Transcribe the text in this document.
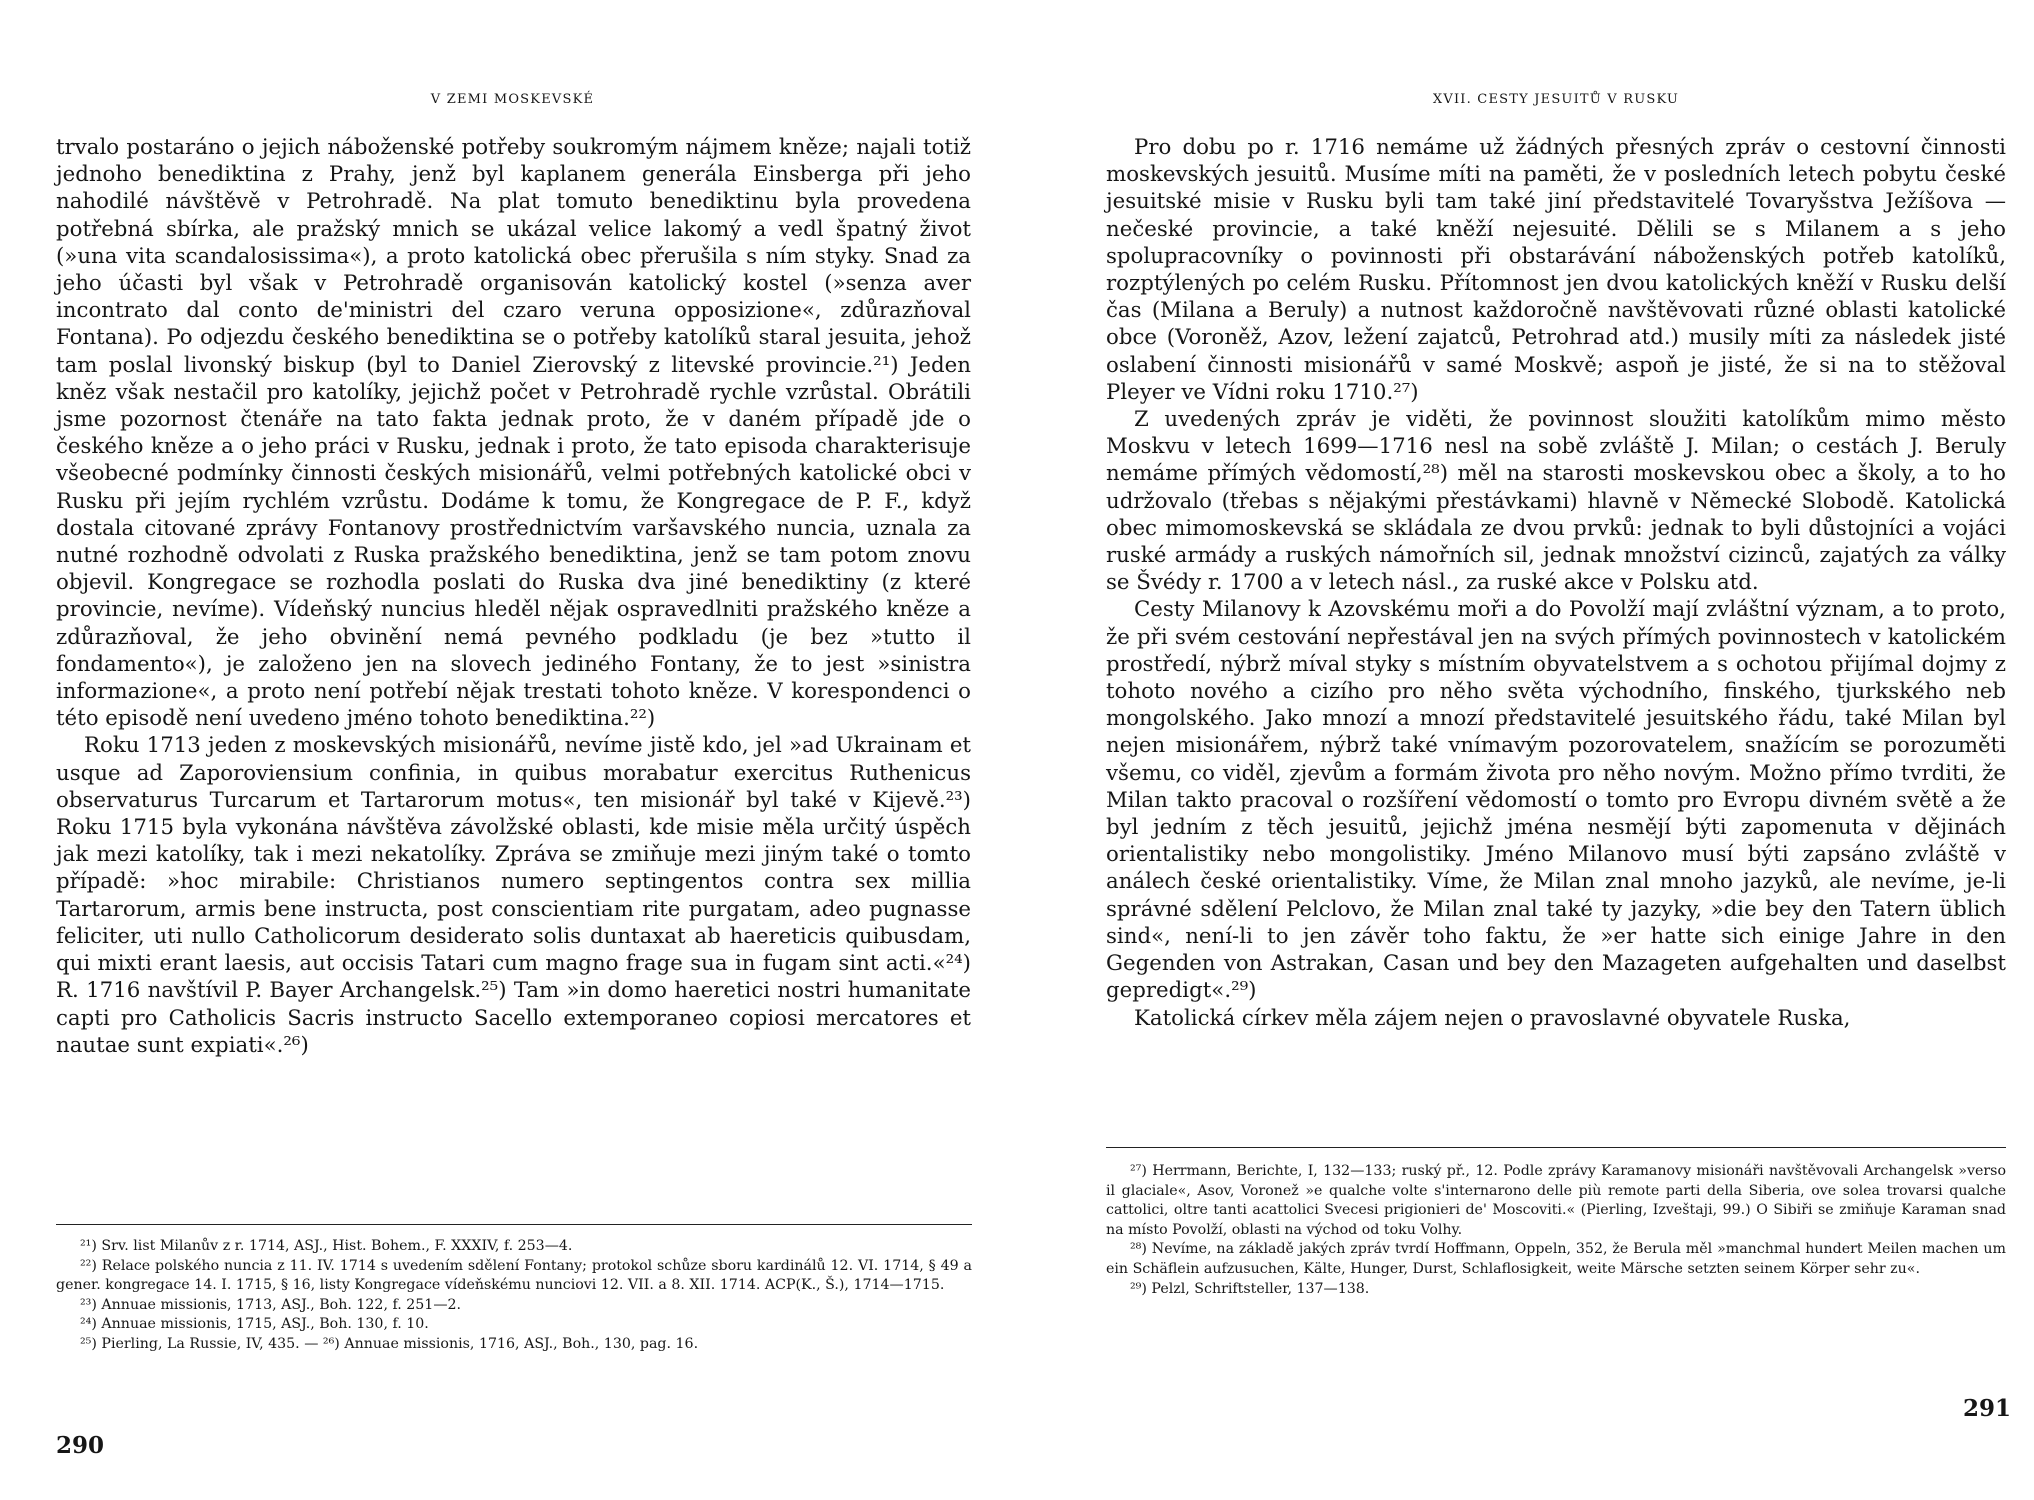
V ZEMI MOSKEVSKÉ

trvalo postaráno o jejich náboženské potřeby soukromým nájmem kněze; najali totiž jednoho benediktina z Prahy, jenž byl kaplanem generála Einsberga při jeho nahodilé návštěvě v Petrohradě. Na plat tomuto benediktinu byla provedena potřebná sbírka, ale pražský mnich se ukázal velice lakomý a vedl špatný život (»una vita scandalosissima«), a proto katolická obec přerušila s ním styky. Snad za jeho účasti byl však v Petrohradě organisován katolický kostel (»senza aver incontrato dal conto de'ministri del czaro veruna opposizione«, zdůrazňoval Fontana). Po odjezdu českého benediktina se o potřeby katolíků staral jesuita, jehož tam poslal livonský biskup (byl to Daniel Zierovský z litevské provincie.²¹) Jeden kněz však nestačil pro katolíky, jejichž počet v Petrohradě rychle vzrůstal. Obrátili jsme pozornost čtenáře na tato fakta jednak proto, že v daném případě jde o českého kněze a o jeho práci v Rusku, jednak i proto, že tato episoda charakterisuje všeobecné podmínky činnosti českých misionářů, velmi potřebných katolické obci v Rusku při jejím rychlém vzrůstu. Dodáme k tomu, že Kongregace de P. F., když dostala citované zprávy Fontanovy prostřednictvím varšavského nuncia, uznala za nutné rozhodně odvolati z Ruska pražského benediktina, jenž se tam potom znovu objevil. Kongregace se rozhodla poslati do Ruska dva jiné benediktiny (z které provincie, nevíme). Vídeňský nuncius hleděl nějak ospravedlniti pražského kněze a zdůrazňoval, že jeho obvinění nemá pevného podkladu (je bez »tutto il fondamento«), je založeno jen na slovech jediného Fontany, že to jest »sinistra informazione«, a proto není potřebí nějak trestati tohoto kněze. V korespondenci o této episodě není uvedeno jméno tohoto benediktina.²²)

Roku 1713 jeden z moskevských misionářů, nevíme jistě kdo, jel »ad Ukrainam et usque ad Zaporoviensium confinia, in quibus morabatur exercitus Ruthenicus observaturus Turcarum et Tartarorum motus«, ten misionář byl také v Kijevě.²³) Roku 1715 byla vykonána návštěva závolžské oblasti, kde misie měla určitý úspěch jak mezi katolíky, tak i mezi nekatolíky. Zpráva se zmiňuje mezi jiným také o tomto případě: »hoc mirabile: Christianos numero septingentos contra sex millia Tartarorum, armis bene instructa, post conscientiam rite purgatam, adeo pugnasse feliciter, uti nullo Catholicorum desiderato solis duntaxat ab haereticis quibusdam, qui mixti erant laesis, aut occisis Tatari cum magno frage sua in fugam sint acti.«²⁴) R. 1716 navštívil P. Bayer Archangelsk.²⁵) Tam »in domo haeretici nostri humanitate capti pro Catholicis Sacris instructo Sacello extemporaneo copiosi mercatores et nautae sunt expiati«.²⁶)

²¹) Srv. list Milanův z r. 1714, ASJ., Hist. Bohem., F. XXXIV, f. 253—4.

²²) Relace polského nuncia z 11. IV. 1714 s uvedením sdělení Fontany; protokol schůze sboru kardinálů 12. VI. 1714, § 49 a gener. kongregace 14. I. 1715, § 16, listy Kongregace vídeňskému nunciovi 12. VII. a 8. XII. 1714. ACP(K., Š.), 1714—1715.

²³) Annuae missionis, 1713, ASJ., Boh. 122, f. 251—2.

²⁴) Annuae missionis, 1715, ASJ., Boh. 130, f. 10.

²⁵) Pierling, La Russie, IV, 435. — ²⁶) Annuae missionis, 1716, ASJ., Boh., 130, pag. 16.

290
XVII. CESTY JESUITŮ V RUSKU

Pro dobu po r. 1716 nemáme už žádných přesných zpráv o cestovní činnosti moskevských jesuitů. Musíme míti na paměti, že v posledních letech pobytu české jesuitské misie v Rusku byli tam také jiní představitelé Tovaryšstva Ježíšova — nečeské provincie, a také kněží nejesuité. Dělili se s Milanem a s jeho spolupracovníky o povinnosti při obstarávání náboženských potřeb katolíků, rozptýlených po celém Rusku. Přítomnost jen dvou katolických kněží v Rusku delší čas (Milana a Beruly) a nutnost každoročně navštěvovati různé oblasti katolické obce (Voroněž, Azov, ležení zajatců, Petrohrad atd.) musily míti za následek jisté oslabení činnosti misionářů v samé Moskvě; aspoň je jisté, že si na to stěžoval Pleyer ve Vídni roku 1710.²⁷)

Z uvedených zpráv je viděti, že povinnost sloužiti katolíkům mimo město Moskvu v letech 1699—1716 nesl na sobě zvláště J. Milan; o cestách J. Beruly nemáme přímých vědomostí,²⁸) měl na starosti moskevskou obec a školy, a to ho udržovalo (třebas s nějakými přestávkami) hlavně v Německé Slobodě. Katolická obec mimomoskevská se skládala ze dvou prvků: jednak to byli důstojníci a vojáci ruské armády a ruských námořních sil, jednak množství cizinců, zajatých za války se Švédy r. 1700 a v letech násl., za ruské akce v Polsku atd.

Cesty Milanovy k Azovskému moři a do Povolží mají zvláštní význam, a to proto, že při svém cestování nepřestával jen na svých přímých povinnostech v katolickém prostředí, nýbrž míval styky s místním obyvatelstvem a s ochotou přijímal dojmy z tohoto nového a cizího pro něho světa východního, finského, tjurkského neb mongolského. Jako mnozí a mnozí představitelé jesuitského řádu, také Milan byl nejen misionářem, nýbrž také vnímavým pozorovatelem, snažícím se porozuměti všemu, co viděl, zjevům a formám života pro něho novým. Možno přímo tvrditi, že Milan takto pracoval o rozšíření vědomostí o tomto pro Evropu divném světě a že byl jedním z těch jesuitů, jejichž jména nesmějí býti zapomenuta v dějinách orientalistiky nebo mongolistiky. Jméno Milanovo musí býti zapsáno zvláště v análech české orientalistiky. Víme, že Milan znal mnoho jazyků, ale nevíme, je-li správné sdělení Pelclovo, že Milan znal také ty jazyky, »die bey den Tatern üblich sind«, není-li to jen závěr toho faktu, že »er hatte sich einige Jahre in den Gegenden von Astrakan, Casan und bey den Mazageten aufgehalten und daselbst gepredigt«.²⁹)

Katolická církev měla zájem nejen o pravoslavné obyvatele Ruska,

²⁷) Herrmann, Berichte, I, 132—133; ruský př., 12. Podle zprávy Karamanovy misionáři navštěvovali Archangelsk »verso il glaciale«, Asov, Voronež »e qualche volte s'internarono delle più remote parti della Siberia, ove solea trovarsi qualche cattolici, oltre tanti acattolici Svecesi prigionieri de' Moscoviti.« (Pierling, Izveštaji, 99.) O Sibiři se zmiňuje Karaman snad na místo Povolží, oblasti na východ od toku Volhy.

²⁸) Nevíme, na základě jakých zpráv tvrdí Hoffmann, Oppeln, 352, že Berula měl »manchmal hundert Meilen machen um ein Schäflein aufzusuchen, Kälte, Hunger, Durst, Schlaflosigkeit, weite Märsche setzten seinem Körper sehr zu«.

²⁹) Pelzl, Schriftsteller, 137—138.

291
